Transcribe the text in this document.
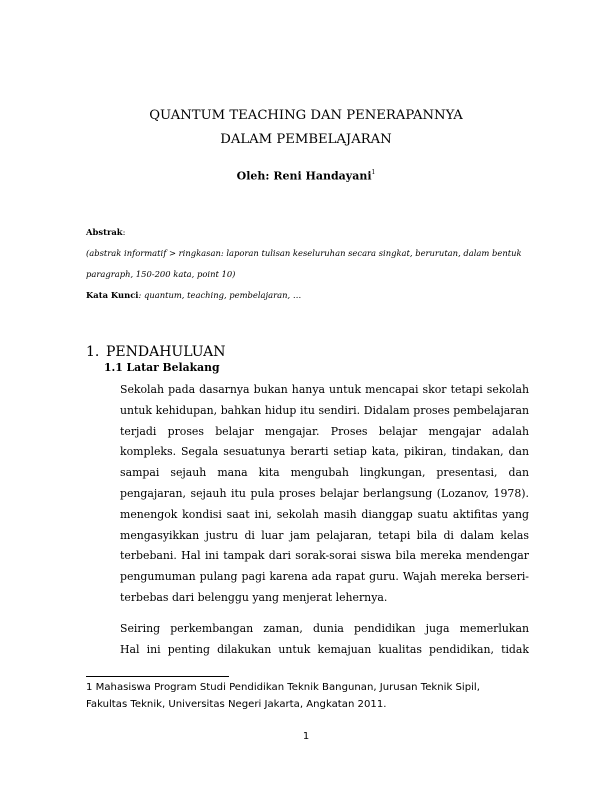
QUANTUM TEACHING DAN PENERAPANNYA
DALAM PEMBELAJARAN
Oleh: Reni Handayani$^1$
Abstrak:
(abstrak informatif > ringkasan: laporan tulisan keseluruhan secara singkat, berurutan, dalam bentuk paragraph, 150-200 kata, point 10)
Kata Kunci: quantum, teaching, pembelajaran, …
1. PENDAHULUAN
1.1 Latar Belakang
Sekolah pada dasarnya bukan hanya untuk mencapai skor tetapi sekolah
untuk kehidupan, bahkan hidup itu sendiri. Didalam proses pembelajaran
terjadi proses belajar mengajar. Proses belajar mengajar adalah
kompleks. Segala sesuatunya berarti setiap kata, pikiran, tindakan, dan
sampai sejauh mana kita mengubah lingkungan, presentasi, dan
pengajaran, sejauh itu pula proses belajar berlangsung (Lozanov, 1978).
menengok kondisi saat ini, sekolah masih dianggap suatu aktifitas yang
mengasyikkan justru di luar jam pelajaran, tetapi bila di dalam kelas
terbebani. Hal ini tampak dari sorak-sorai siswa bila mereka mendengar
pengumuman pulang pagi karena ada rapat guru. Wajah mereka berseri-
terbebas dari belenggu yang menjerat lehernya.
Seiring perkembangan zaman, dunia pendidikan juga memerlukan
Hal ini penting dilakukan untuk kemajuan kualitas pendidikan, tidak
1 Mahasiswa Program Studi Pendidikan Teknik Bangunan, Jurusan Teknik Sipil,
Fakultas Teknik, Universitas Negeri Jakarta, Angkatan 2011.
1
